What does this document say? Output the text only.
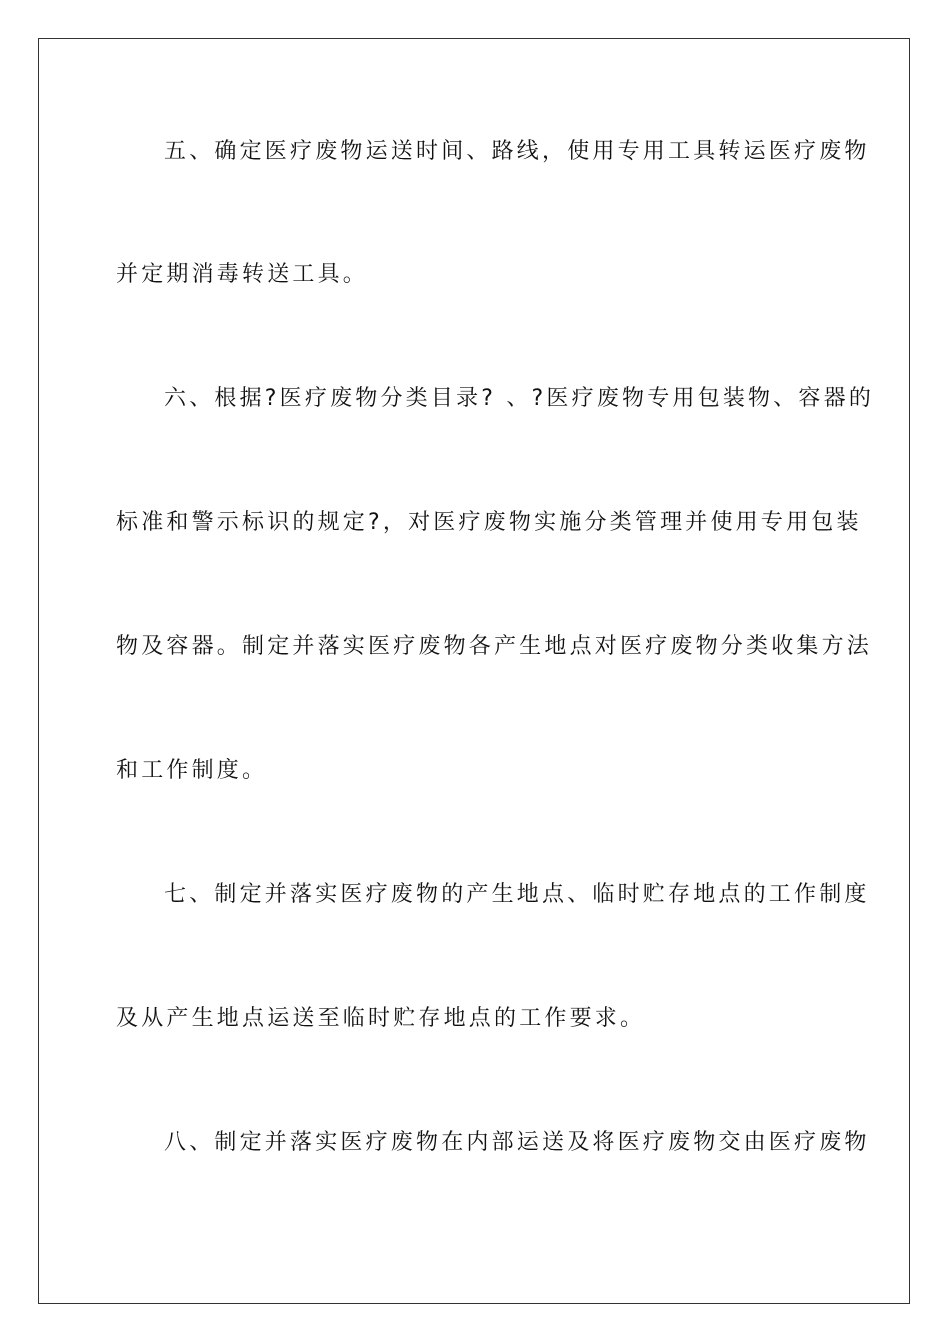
五、确定医疗废物运送时间、路线，使用专用工具转运医疗废物
并定期消毒转送工具。
六、根据?医疗废物分类目录? 、?医疗废物专用包装物、容器的
标准和警示标识的规定?，对医疗废物实施分类管理并使用专用包装
物及容器。制定并落实医疗废物各产生地点对医疗废物分类收集方法
和工作制度。
七、制定并落实医疗废物的产生地点、临时贮存地点的工作制度
及从产生地点运送至临时贮存地点的工作要求。
八、制定并落实医疗废物在内部运送及将医疗废物交由医疗废物
